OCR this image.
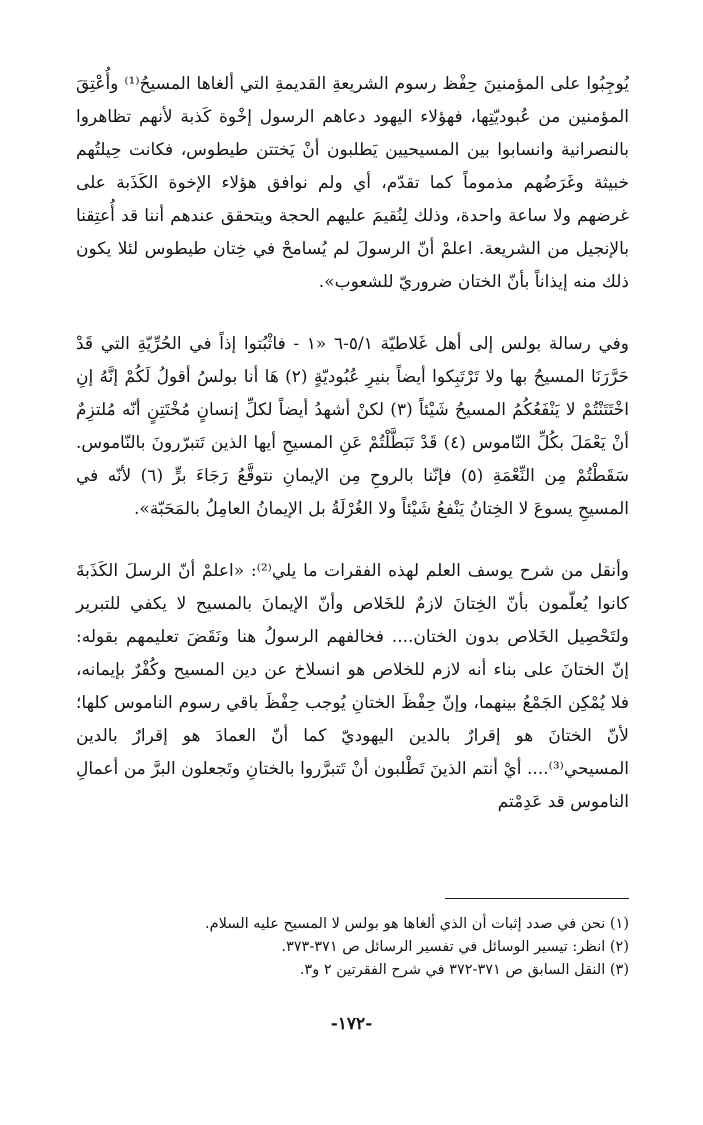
يُوجِبُوا على المؤمنينَ حِفْظ رسوم الشريعةِ القديمةِ التي ألغاها المسيحُ⁽¹⁾ وأُعْتِقَ المؤمنين من عُبوديّتِها، فهؤلاء اليهود دعاهم الرسول إخْوة كَذبة لأنهم تظاهروا بالنصرانية وانسابوا بين المسيحيين يَطلبون أنْ يَختتن طيطوس، فكانت حِيلتُهم خبيثة وغَرَضُهم مذموماً كما تقدّم، أي ولم نوافق هؤلاء الإخوة الكَذَبة على غرضهم ولا ساعة واحدة، وذلك لِنُقيمَ عليهم الحجة ويتحقق عندهم أننا قد أُعتِقنا بالإنجيل من الشريعة. اعلمْ أنّ الرسولَ لم يُسامحْ في خِتان طيطوس لئلا يكون ذلك منه إيذاناً بأنّ الختان ضروريّ للشعوب».

وفي رسالة بولس إلى أهل غَلاطيّة ٥/١-٦ «١ - فاثْبُتوا إذاً في الحُرِّيّةِ التي قَدْ حَرَّرَنَا المسيحُ بها ولا تَرْتَبِكوا أيضاً بنيرِ عُبُوديّةٍ (٢) هَا أنا بولسُ أقولُ لَكُمْ إنَّهُ إنِ اخْتَتَنْتُمْ لا يَنْفَعُكُمُ المسيحُ شَيْئاً (٣) لكنْ أشهدُ أيضاً لكلِّ إنسانٍ مُخْتَتِنٍ أنّه مُلتزِمٌ أنْ يَعْمَلَ بكُلِّ النّاموس (٤) قَدْ تَبَطَّلْتُمْ عَنِ المسيحِ أيها الذين تَتبرّرونَ بالنّاموس. سَقَطْتُمْ مِن النِّعْمَةِ (٥) فإنّنا بالروحِ مِن الإيمانِ نتوقَّعُ رَجَاءَ برٍّ (٦) لأنّه في المسيحِ يسوعَ لا الخِتانُ يَنْفعُ شَيْئاً ولا الغُرْلَةُ بل الإيمانُ العامِلُ بالمَحَبّة».

وأنقل من شرح يوسف العلم لهذه الفقرات ما يلي⁽²⁾: «اعلمْ أنّ الرسلَ الكَذَبةَ كانوا يُعلّمون بأنّ الخِتانَ لازمٌ للخَلاص وأنّ الإيمانَ بالمسيح لا يكفي للتبرير ولتَحْصِيل الخَلاص بدون الختان.... فخالفهم الرسولُ هنا ونَقَضَ تعليمهم بقوله: إنّ الختانَ على بناء أنه لازم للخلاص هو انسلاخ عن دين المسيح وكُفْرٌ بإيمانه، فلا يُمْكِن الجَمْعُ بينهما، وإنّ حِفْظَ الختانِ يُوجب حِفْظَ باقي رسوم الناموس كلها؛ لأنّ الختانَ هو إقرارٌ بالدين اليهوديّ كما أنّ العمادَ هو إقرارٌ بالدين المسيحي⁽³⁾.... أيْ أنتم الذينَ تَطْلبون أنْ تَتبرَّروا بالختانِ وتَجعلون البرَّ من أعمالِ الناموس قد عَدِمْتم

(١) نحن في صدد إثبات أن الذي ألغاها هو بولس لا المسيح عليه السلام.

(٢) انظر: تيسير الوسائل في تفسير الرسائل ص ٣٧١-٣٧٣.

(٣) النقل السابق ص ٣٧١-٣٧٢ في شرح الفقرتين ٢ و٣.

-١٧٢-
